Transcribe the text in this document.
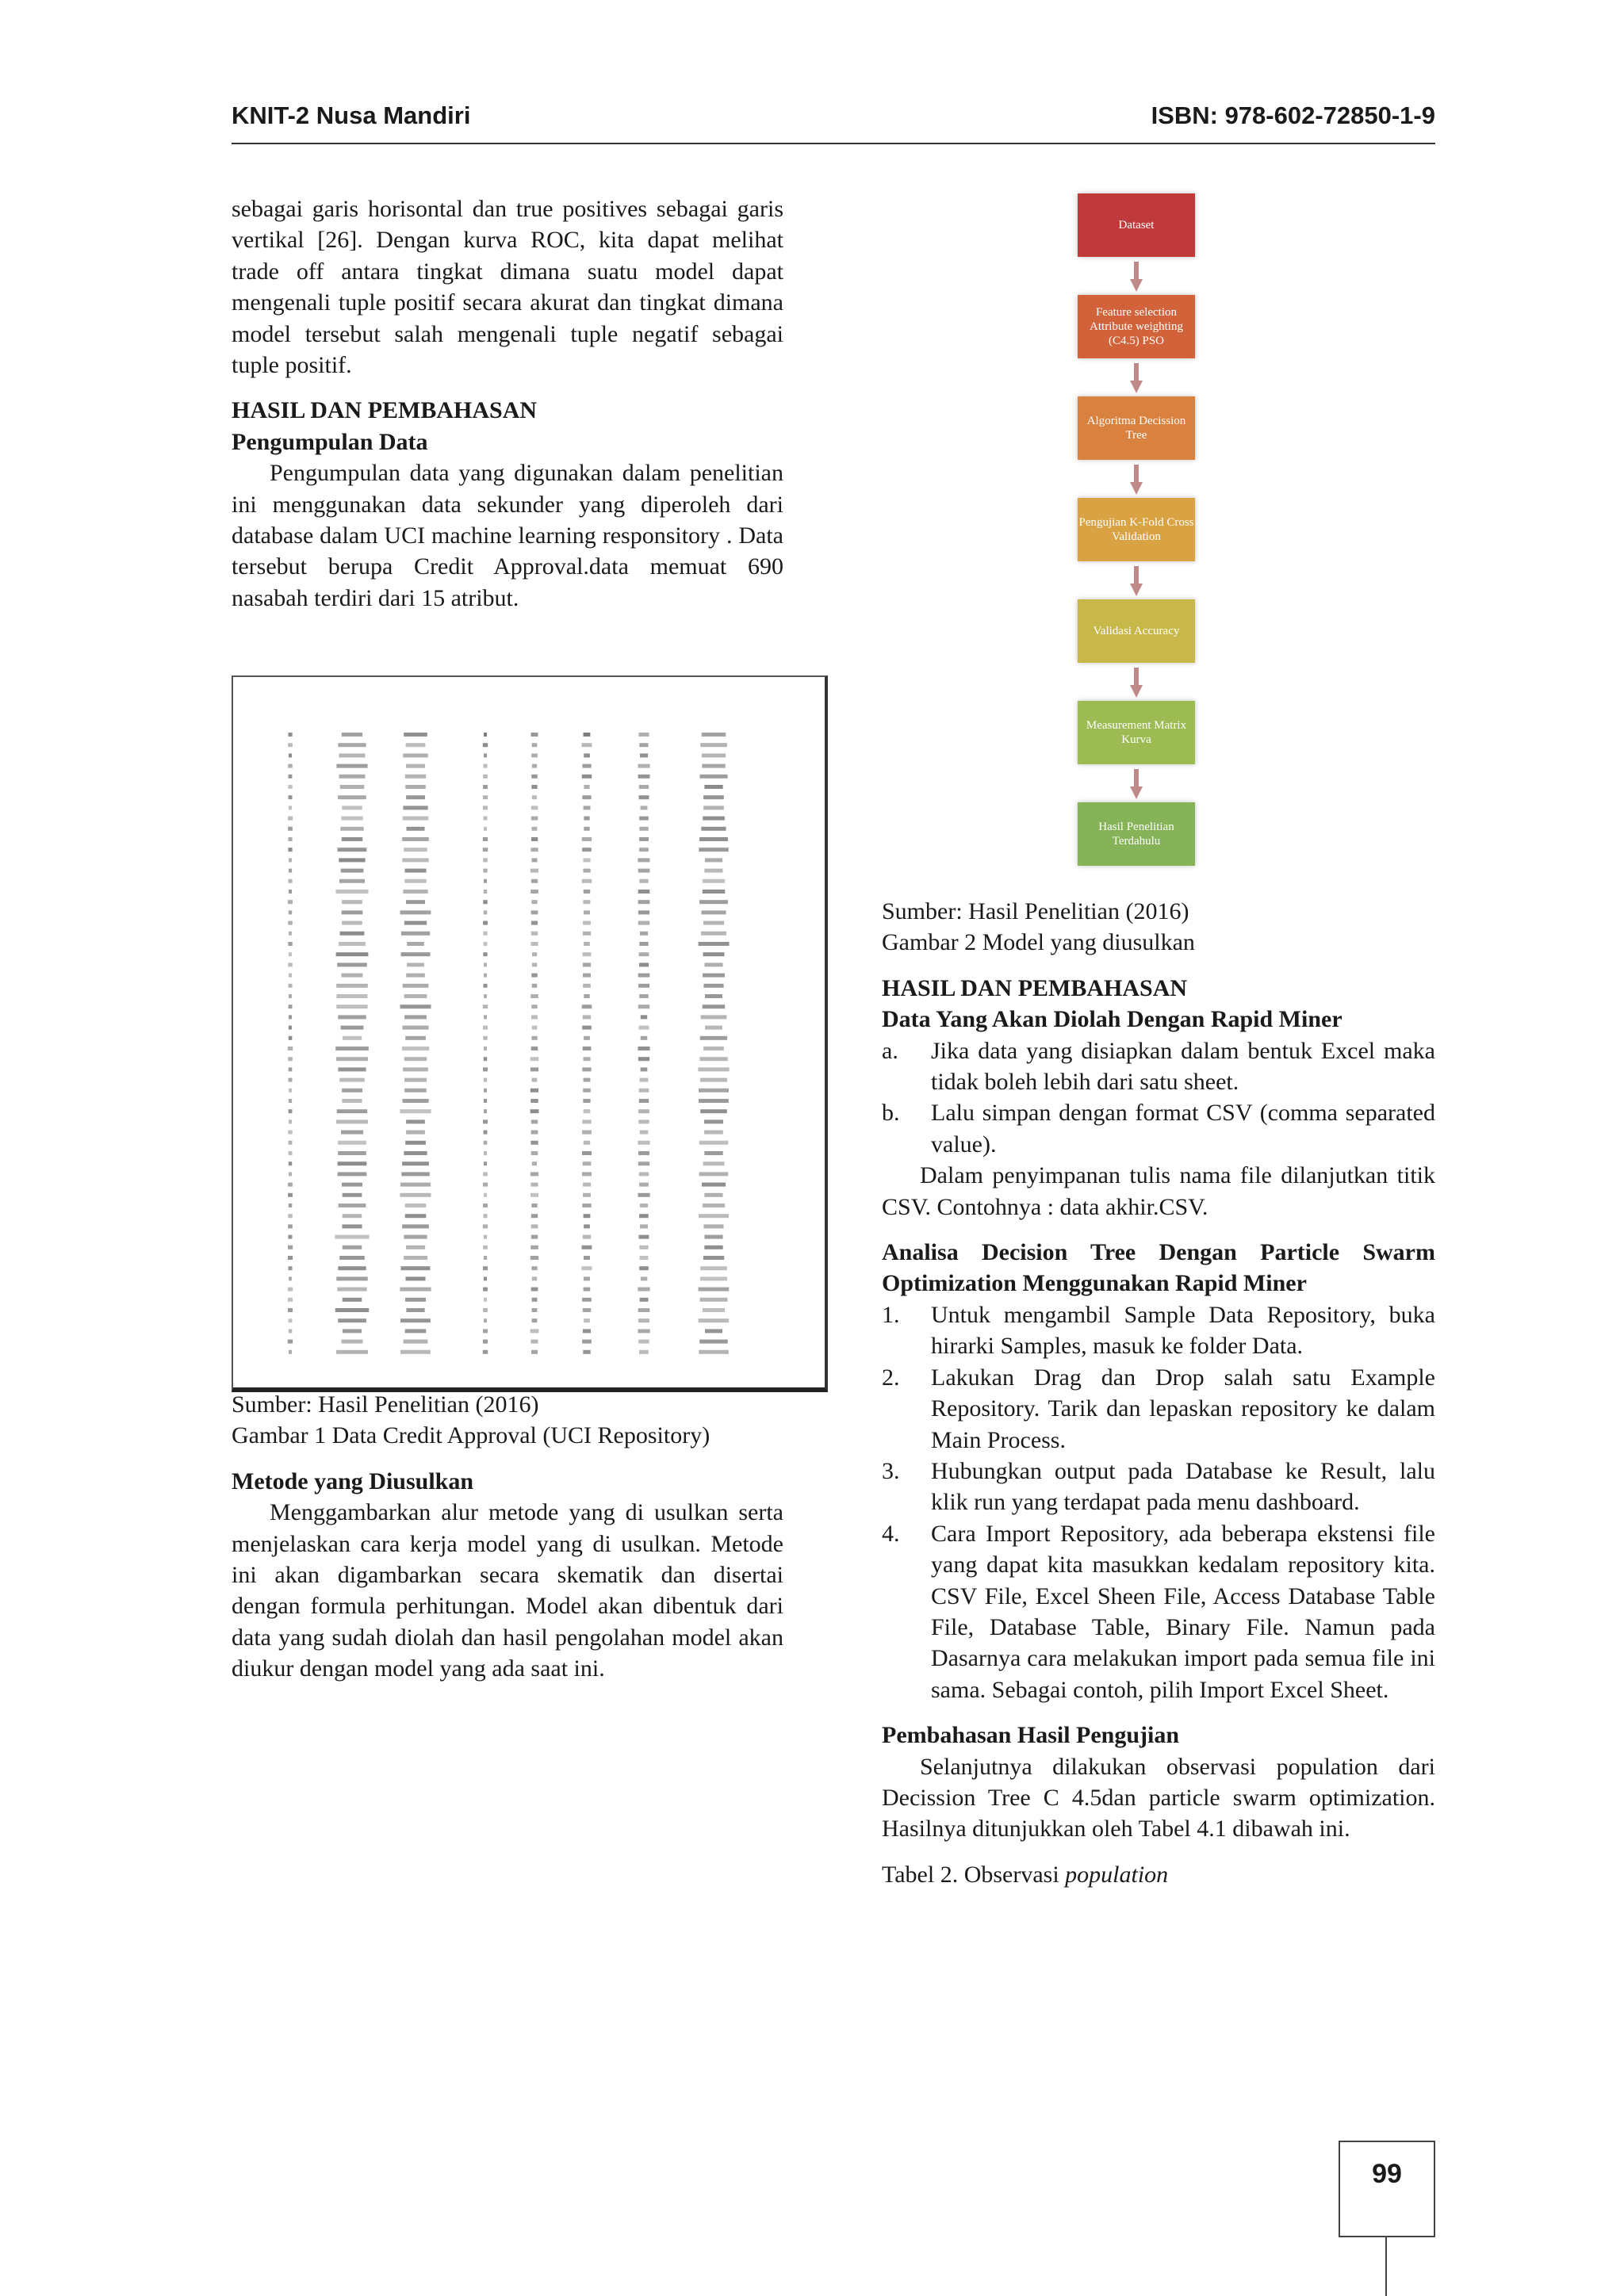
KNIT-2 Nusa Mandiri	ISBN: 978-602-72850-1-9

sebagai garis horisontal dan true positives sebagai garis vertikal [26]. Dengan kurva ROC, kita dapat melihat trade off antara tingkat dimana suatu model dapat mengenali tuple positif secara akurat dan tingkat dimana model tersebut salah mengenali tuple negatif sebagai tuple positif.

HASIL DAN PEMBAHASAN

Pengumpulan Data

Pengumpulan data yang digunakan dalam penelitian ini menggunakan data sekunder yang diperoleh dari database dalam UCI machine learning responsitory . Data tersebut berupa Credit Approval.data memuat 690 nasabah terdiri dari 15 atribut.

Sumber: Hasil Penelitian (2016)

Gambar 1 Data Credit Approval (UCI Repository)

Metode yang Diusulkan

Menggambarkan alur metode yang di usulkan serta menjelaskan cara kerja model yang di usulkan. Metode ini akan digambarkan secara skematik dan disertai dengan formula perhitungan. Model akan dibentuk dari data yang sudah diolah dan hasil pengolahan model akan diukur dengan model yang ada saat ini.

Dataset
Feature selection Attribute weighting (C4.5) PSO
Algoritma Decission Tree
Pengujian K-Fold Cross Validation
Validasi Accuracy
Measurement Matrix Kurva
Hasil Penelitian Terdahulu

Sumber: Hasil Penelitian (2016)

Gambar 2 Model yang diusulkan

HASIL DAN PEMBAHASAN

Data Yang Akan Diolah Dengan Rapid Miner

a. Jika data yang disiapkan dalam bentuk Excel maka tidak boleh lebih dari satu sheet.
b. Lalu simpan dengan format CSV (comma separated value).

Dalam penyimpanan tulis nama file dilanjutkan titik CSV. Contohnya : data akhir.CSV.

Analisa Decision Tree Dengan Particle Swarm Optimization Menggunakan Rapid Miner

1. Untuk mengambil Sample Data Repository, buka hirarki Samples, masuk ke folder Data.
2. Lakukan Drag dan Drop salah satu Example Repository. Tarik dan lepaskan repository ke dalam Main Process.
3. Hubungkan output pada Database ke Result, lalu klik run yang terdapat pada menu dashboard.
4. Cara Import Repository, ada beberapa ekstensi file yang dapat kita masukkan kedalam repository kita. CSV File, Excel Sheen File, Access Database Table File, Database Table, Binary File. Namun pada Dasarnya cara melakukan import pada semua file ini sama. Sebagai contoh, pilih Import Excel Sheet.

Pembahasan Hasil Pengujian

Selanjutnya dilakukan observasi population dari Decission Tree C 4.5dan particle swarm optimization. Hasilnya ditunjukkan oleh Tabel 4.1 dibawah ini.

Tabel 2. Observasi population

99
